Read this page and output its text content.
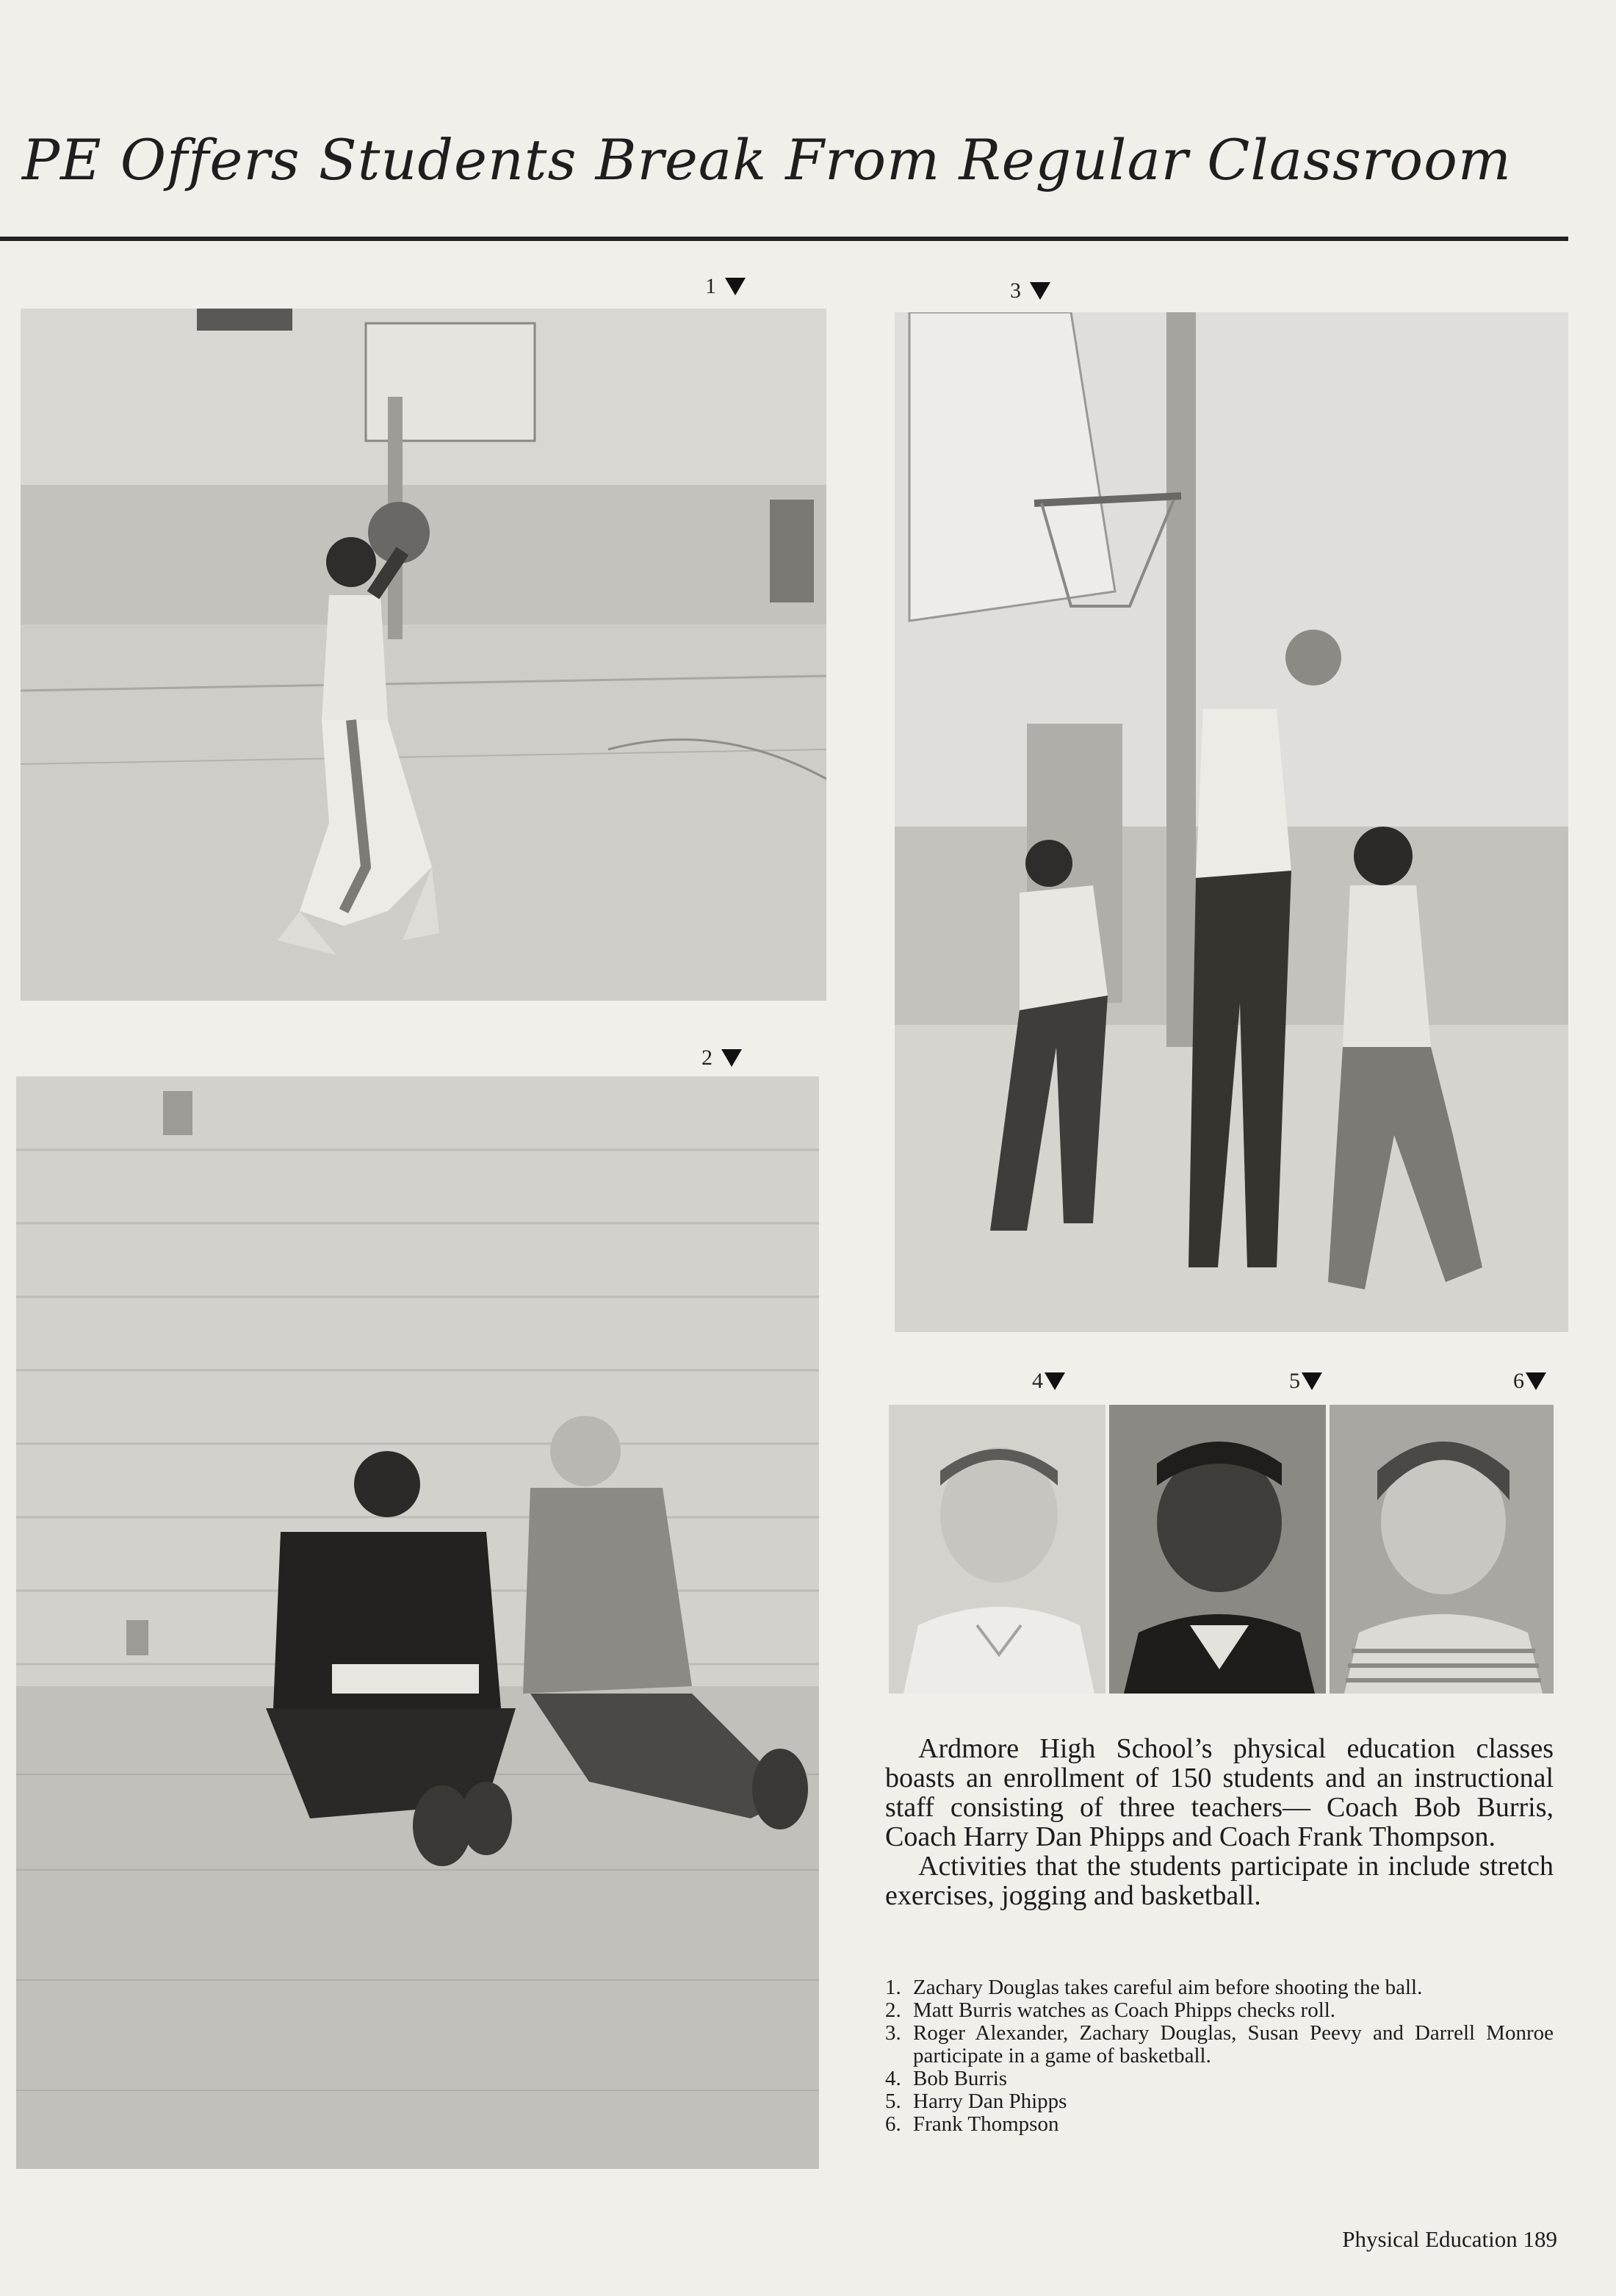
PE Offers Students Break From Regular Classroom
1	3
2
4	5	6

Ardmore High School’s physical education classes boasts an enrollment of 150 students and an instructional staff consisting of three teachers— Coach Bob Burris, Coach Harry Dan Phipps and Coach Frank Thompson.

Activities that the students participate in include stretch exercises, jogging and basketball.

1. Zachary Douglas takes careful aim before shooting the ball.
2. Matt Burris watches as Coach Phipps checks roll.
3. Roger Alexander, Zachary Douglas, Susan Peevy and Darrell Monroe participate in a game of basketball.
4. Bob Burris
5. Harry Dan Phipps
6. Frank Thompson
Physical Education 189
